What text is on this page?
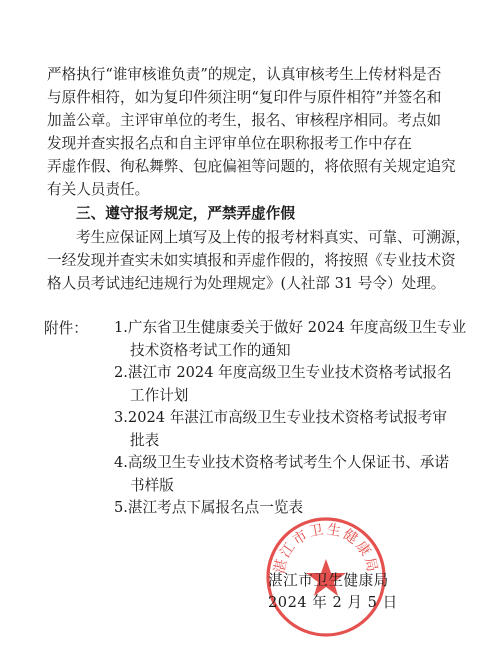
严格执行“谁审核谁负责”的规定，认真审核考生上传材料是否
与原件相符，如为复印件须注明“复印件与原件相符”并签名和
加盖公章。主评审单位的考生，报名、审核程序相同。考点如
发现并查实报名点和自主评审单位在职称报考工作中存在
弄虚作假、徇私舞弊、包庇偏袒等问题的，将依照有关规定追究
有关人员责任。
三、遵守报考规定，严禁弄虚作假
考生应保证网上填写及上传的报考材料真实、可靠、可溯源，
一经发现并查实未如实填报和弄虚作假的，将按照《专业技术资
格人员考试违纪违规行为处理规定》(人社部 31 号令）处理。
附件： 1.广东省卫生健康委关于做好 2024 年度高级卫生专业
技术资格考试工作的通知
2.湛江市 2024 年度高级卫生专业技术资格考试报名
工作计划
3.2024 年湛江市高级卫生专业技术资格考试报考审
批表
4.高级卫生专业技术资格考试考生个人保证书、承诺
书样版
5.湛江考点下属报名点一览表
湛江市卫生健康局
湛江市卫生健康局
2024 年 2 月 5 日
